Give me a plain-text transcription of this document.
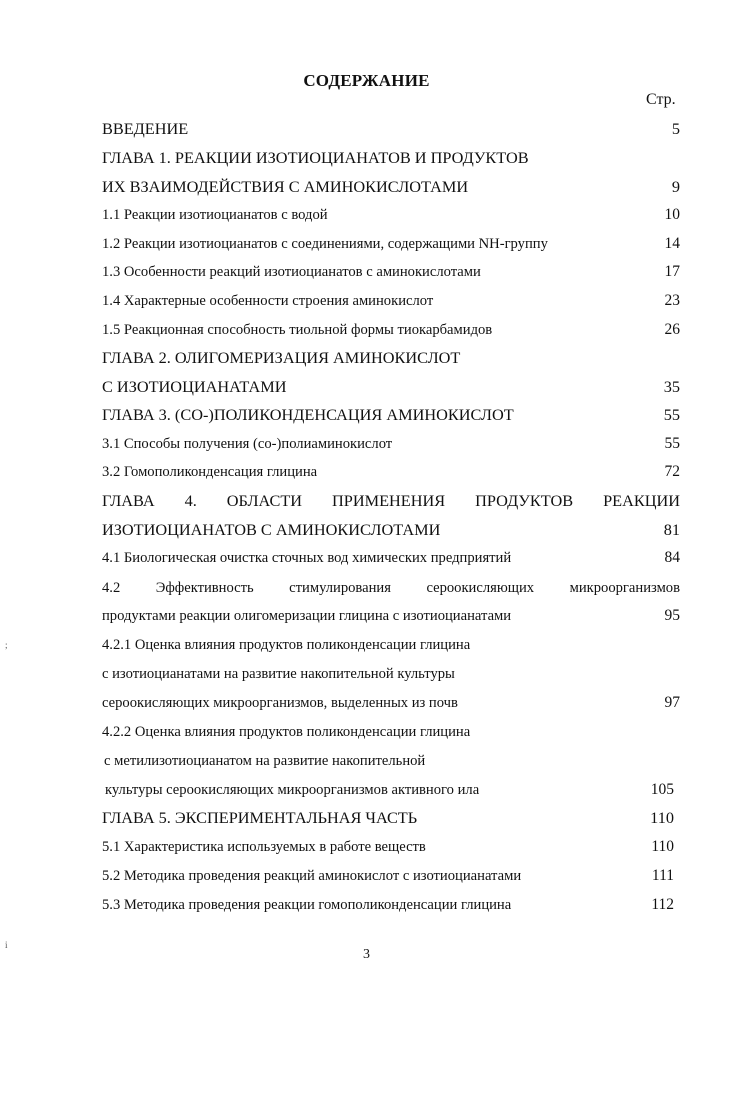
СОДЕРЖАНИЕ
Стр.
ВВЕДЕНИЕ	5
ГЛАВА 1. РЕАКЦИИ ИЗОТИОЦИАНАТОВ И ПРОДУКТОВ
ИХ ВЗАИМОДЕЙСТВИЯ С АМИНОКИСЛОТАМИ	9
1.1 Реакции изотиоцианатов с водой	10
1.2 Реакции изотиоцианатов с соединениями, содержащими NH-группу	14
1.3 Особенности реакций изотиоцианатов с аминокислотами	17
1.4 Характерные особенности строения аминокислот	23
1.5 Реакционная способность тиольной формы тиокарбамидов	26
ГЛАВА 2. ОЛИГОМЕРИЗАЦИЯ АМИНОКИСЛОТ
С ИЗОТИОЦИАНАТАМИ	35
ГЛАВА 3. (СО-)ПОЛИКОНДЕНСАЦИЯ АМИНОКИСЛОТ	55
3.1 Способы получения (со-)полиаминокислот	55
3.2 Гомополиконденсация глицина	72
ГЛАВА 4. ОБЛАСТИ ПРИМЕНЕНИЯ ПРОДУКТОВ РЕАКЦИИ
ИЗОТИОЦИАНАТОВ С АМИНОКИСЛОТАМИ	81
4.1 Биологическая очистка сточных вод химических предприятий	84
4.2 Эффективность стимулирования сероокисляющих микроорганизмов
продуктами реакции олигомеризации глицина с изотиоцианатами	95
4.2.1 Оценка влияния продуктов поликонденсации глицина
с изотиоцианатами на развитие накопительной культуры
сероокисляющих микроорганизмов, выделенных из почв	97
4.2.2 Оценка влияния продуктов поликонденсации глицина
с метилизотиоцианатом на развитие накопительной
культуры сероокисляющих микроорганизмов активного ила	105
ГЛАВА 5. ЭКСПЕРИМЕНТАЛЬНАЯ ЧАСТЬ	110
5.1 Характеристика используемых в работе веществ	110
5.2 Методика проведения реакций аминокислот с изотиоцианатами	111
5.3 Методика проведения реакции гомополиконденсации глицина	112
;
i
3
